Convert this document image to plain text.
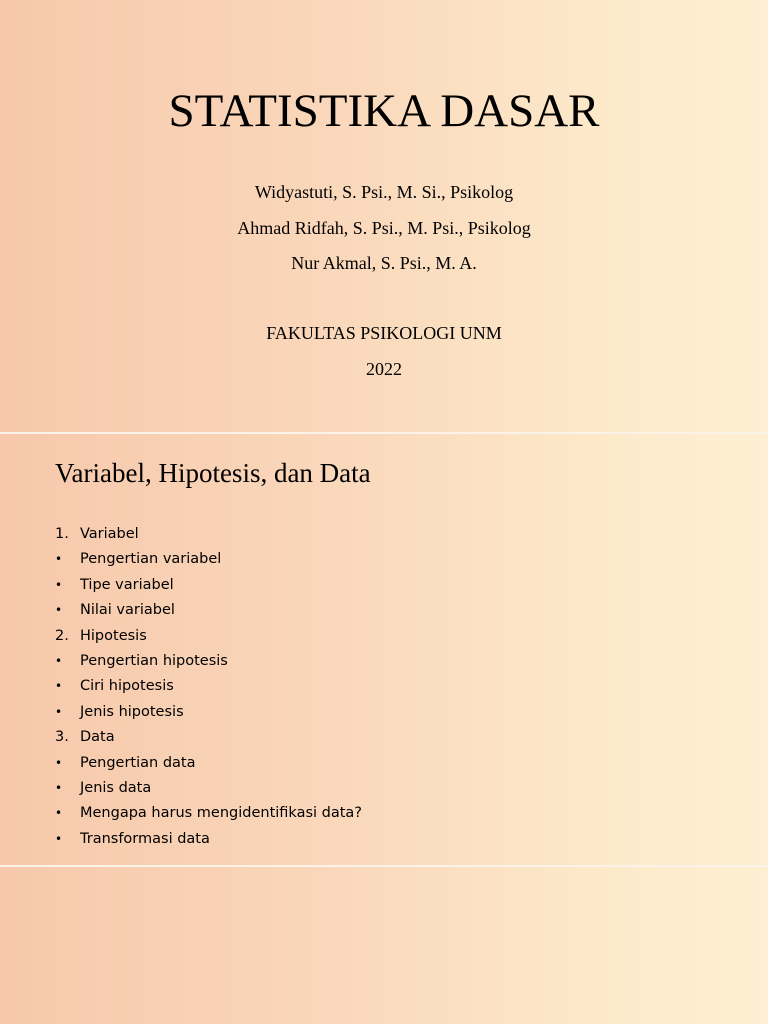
STATISTIKA DASAR
Widyastuti, S. Psi., M. Si., Psikolog
Ahmad Ridfah, S. Psi., M. Psi., Psikolog
Nur Akmal, S. Psi., M. A.
FAKULTAS PSIKOLOGI UNM
2022
Variabel, Hipotesis, dan Data
1. Variabel
• Pengertian variabel
• Tipe variabel
• Nilai variabel
2. Hipotesis
• Pengertian hipotesis
• Ciri hipotesis
• Jenis hipotesis
3. Data
• Pengertian data
• Jenis data
• Mengapa harus mengidentifikasi data?
• Transformasi data
